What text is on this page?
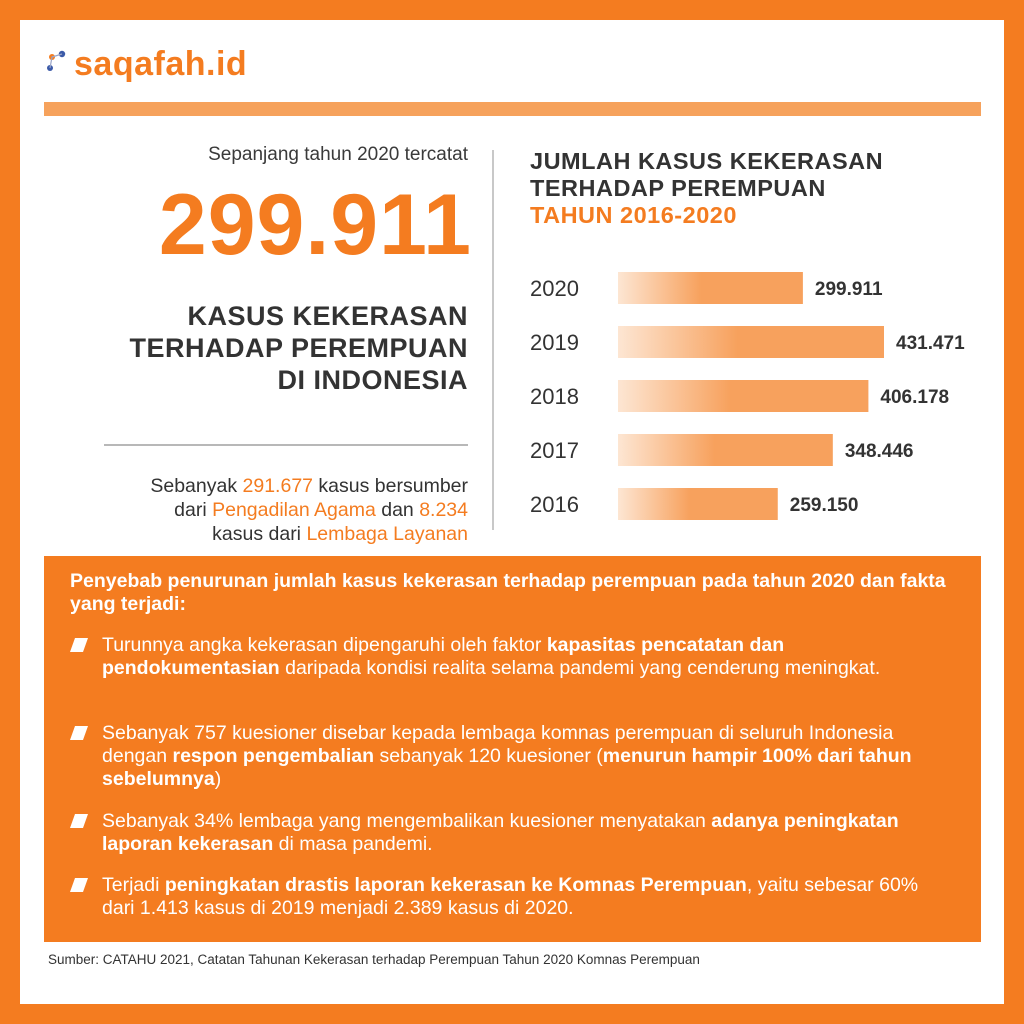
saqafah.id
Sepanjang tahun 2020 tercatat
299.911
KASUS KEKERASAN
TERHADAP PEREMPUAN
DI INDONESIA
Sebanyak 291.677 kasus bersumber
dari Pengadilan Agama dan 8.234
kasus dari Lembaga Layanan
JUMLAH KASUS KEKERASAN
TERHADAP PEREMPUAN
TAHUN 2016-2020
2020	299.911
2019	431.471
2018	406.178
2017	348.446
2016	259.150
Penyebab penurunan jumlah kasus kekerasan terhadap perempuan pada tahun 2020 dan fakta yang terjadi:
Turunnya angka kekerasan dipengaruhi oleh faktor kapasitas pencatatan dan pendokumentasian daripada kondisi realita selama pandemi yang cenderung meningkat.
Sebanyak 757 kuesioner disebar kepada lembaga komnas perempuan di seluruh Indonesia dengan respon pengembalian sebanyak 120 kuesioner (menurun hampir 100% dari tahun sebelumnya)
Sebanyak 34% lembaga yang mengembalikan kuesioner menyatakan adanya peningkatan laporan kekerasan di masa pandemi.
Terjadi peningkatan drastis laporan kekerasan ke Komnas Perempuan, yaitu sebesar 60% dari 1.413 kasus di 2019 menjadi 2.389 kasus di 2020.
Sumber: CATAHU 2021, Catatan Tahunan Kekerasan terhadap Perempuan Tahun 2020 Komnas Perempuan
